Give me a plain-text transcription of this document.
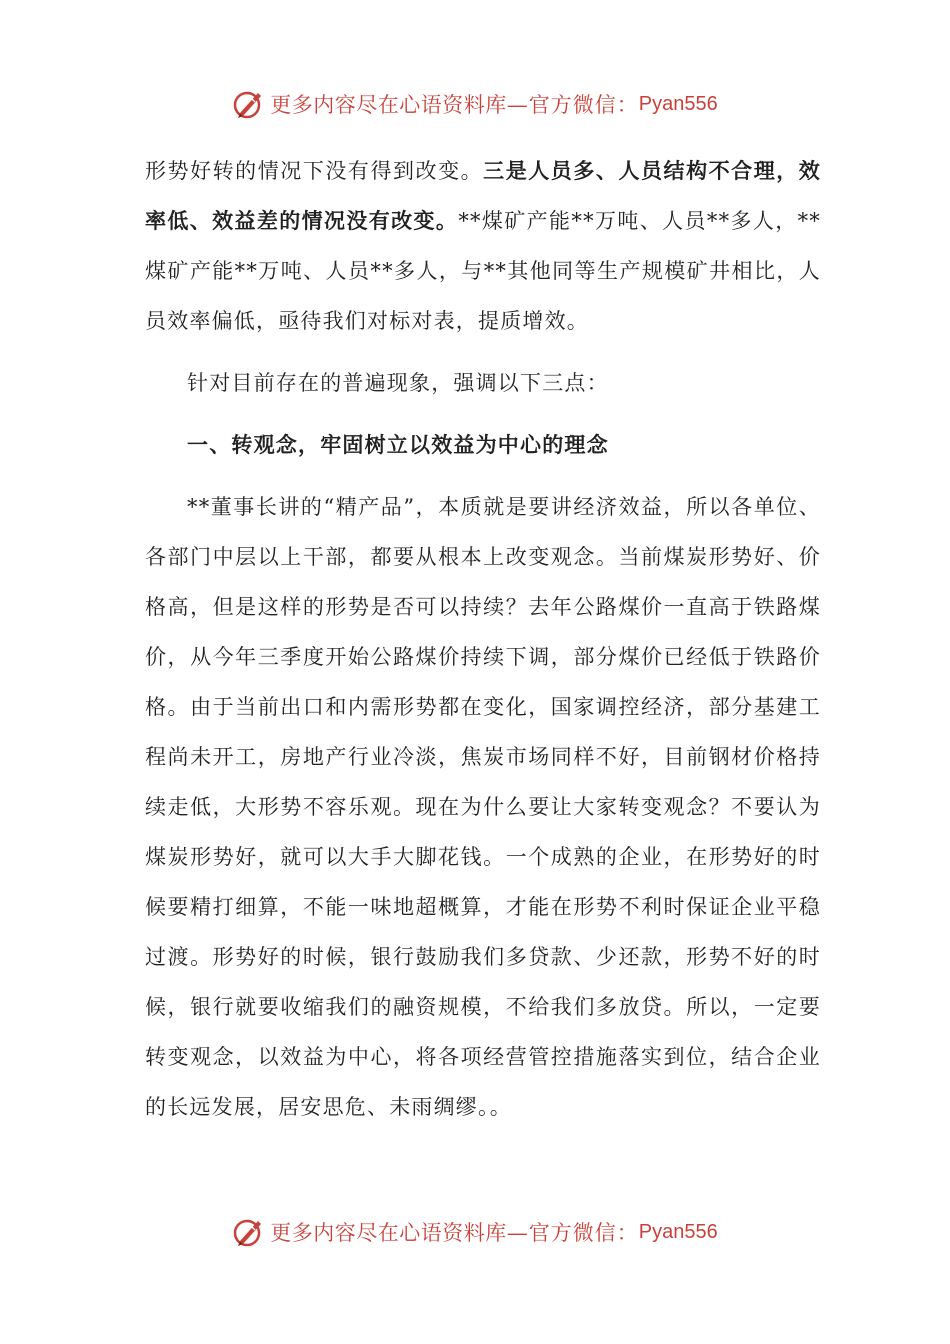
更多内容尽在心语资料库 —官方微信： Pyan556

形势好转的情况下没有得到改变。三是人员多、人员结构不合理，效率低、效益差的情况没有改变。**煤矿产能**万吨、人员**多人，**煤矿产能**万吨、人员**多人，与**其他同等生产规模矿井相比，人员效率偏低，亟待我们对标对表，提质增效。

针对目前存在的普遍现象，强调以下三点：

一、转观念，牢固树立以效益为中心的理念

**董事长讲的“精产品”，本质就是要讲经济效益，所以各单位、各部门中层以上干部，都要从根本上改变观念。当前煤炭形势好、价格高，但是这样的形势是否可以持续？去年公路煤价一直高于铁路煤价，从今年三季度开始公路煤价持续下调，部分煤价已经低于铁路价格。由于当前出口和内需形势都在变化，国家调控经济，部分基建工程尚未开工，房地产行业冷淡，焦炭市场同样不好，目前钢材价格持续走低，大形势不容乐观。现在为什么要让大家转变观念？不要认为煤炭形势好，就可以大手大脚花钱。一个成熟的企业，在形势好的时候要精打细算，不能一味地超概算，才能在形势不利时保证企业平稳过渡。形势好的时候，银行鼓励我们多贷款、少还款，形势不好的时候，银行就要收缩我们的融资规模，不给我们多放贷。所以，一定要转变观念，以效益为中心，将各项经营管控措施落实到位，结合企业的长远发展，居安思危、未雨绸缪。。

更多内容尽在心语资料库 —官方微信： Pyan556
